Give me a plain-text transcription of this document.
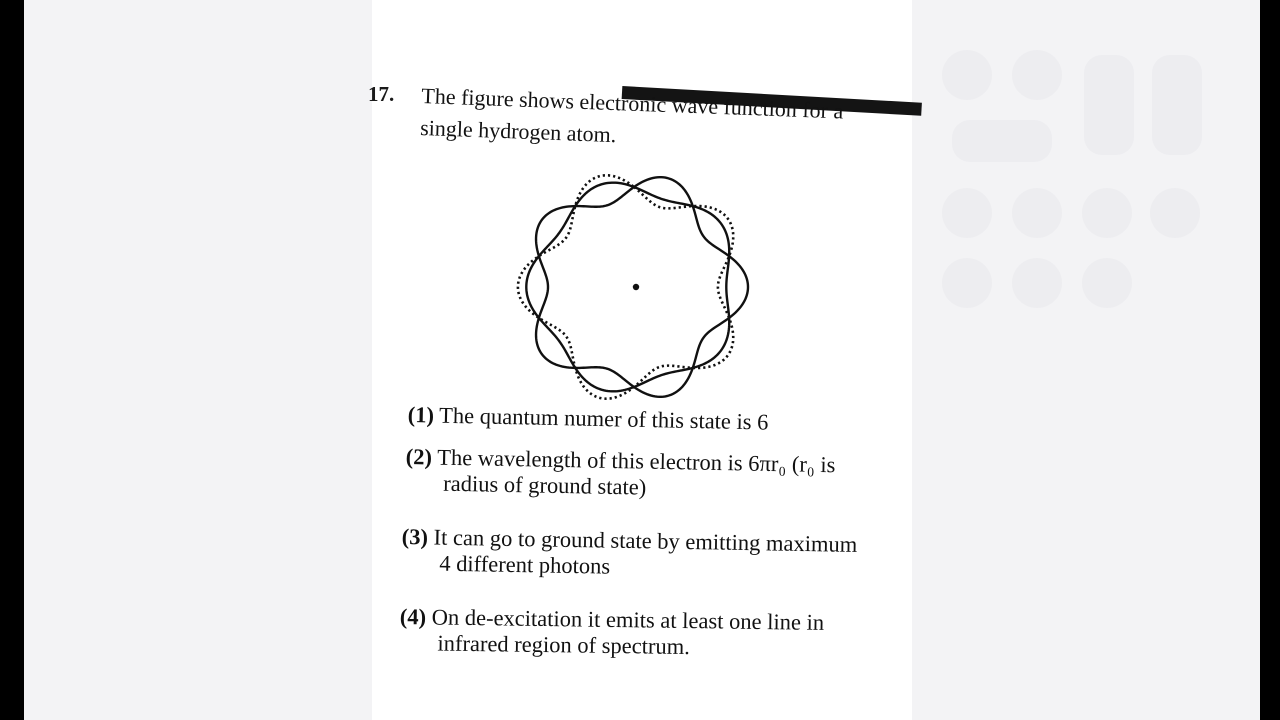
17. The figure shows electronic wave function for a
single hydrogen atom.
(1) The quantum numer of this state is 6
(2) The wavelength of this electron is 6πr₀ (r₀ is
radius of ground state)
(3) It can go to ground state by emitting maximum
4 different photons
(4) On de-excitation it emits at least one line in
infrared region of spectrum.
